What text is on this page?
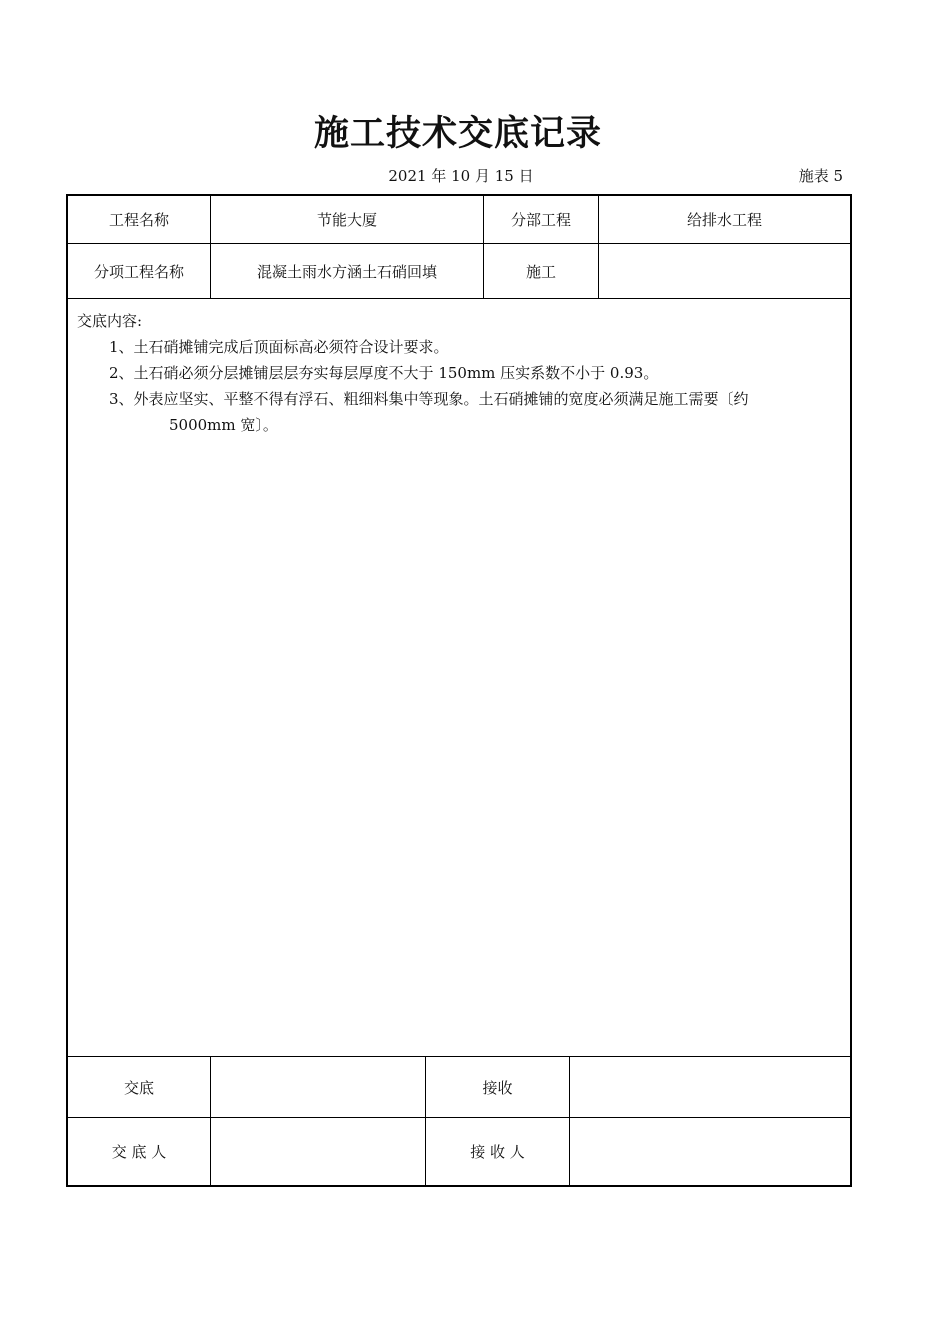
施工技术交底记录
2021 年 10 月 15 日	施表 5
工程名称	节能大厦	分部工程	给排水工程
分项工程名称	混凝土雨水方涵土石硝回填	施工
交底内容:
1、土石硝摊铺完成后顶面标高必须符合设计要求。
2、土石硝必须分层摊铺层层夯实每层厚度不大于 150mm 压实系数不小于 0.93。
3、外表应坚实、平整不得有浮石、粗细料集中等现象。土石硝摊铺的宽度必须满足施工需要〔约
5000mm 宽〕。
交底	接收
交 底 人	接 收 人
